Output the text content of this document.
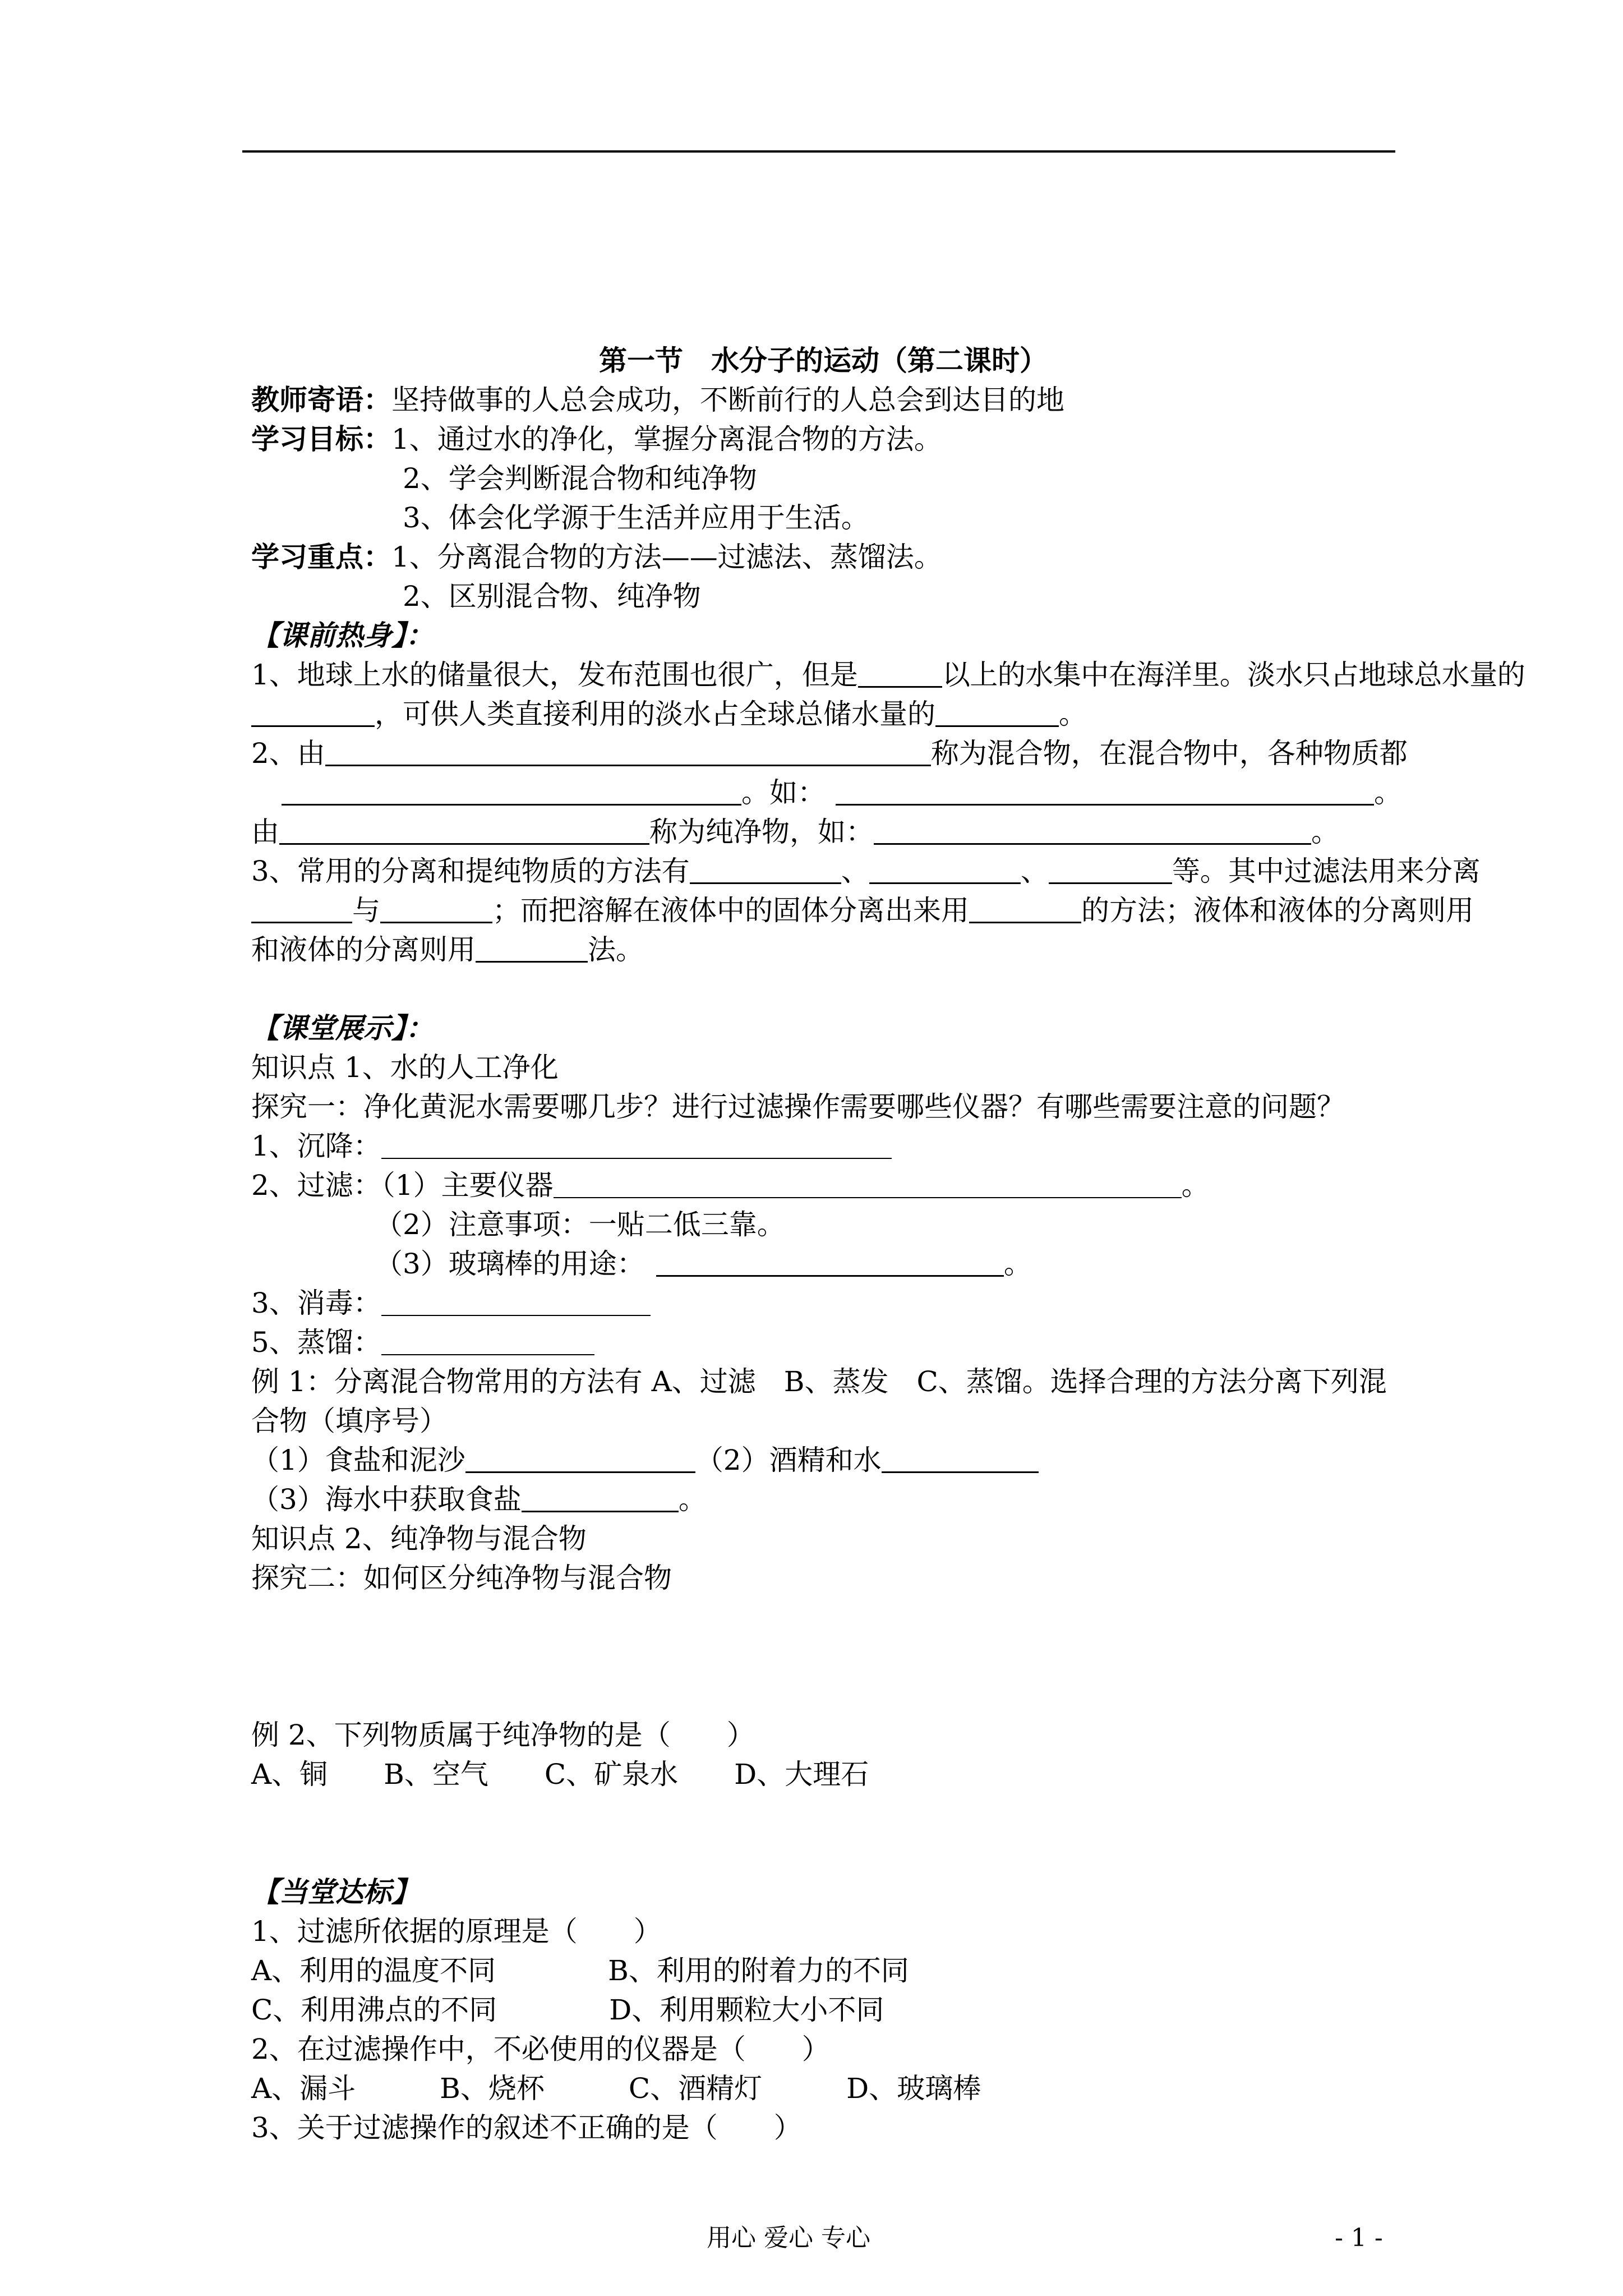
第一节　水分子的运动（第二课时）
教师寄语：坚持做事的人总会成功，不断前行的人总会到达目的地
学习目标：1、通过水的净化，掌握分离混合物的方法。
2、学会判断混合物和纯净物
3、体会化学源于生活并应用于生活。
学习重点：1、分离混合物的方法——过滤法、蒸馏法。
2、区别混合物、纯净物
【课前热身】：
1、地球上水的储量很大，发布范围也很广，但是	以上的水集中在海洋里。淡水只占地球总水量的
，可供人类直接利用的淡水占全球总储水量的	。
2、由	称为混合物，在混合物中，各种物质都
。如：	。
由	称为纯净物，如：	。
3、常用的分离和提纯物质的方法有	、	、	等。其中过滤法用来分离
与	；而把溶解在液体中的固体分离出来用	的方法；液体和液体的分离则用
和液体的分离则用	法。
【课堂展示】：
知识点 1、水的人工净化
探究一：净化黄泥水需要哪几步？进行过滤操作需要哪些仪器？有哪些需要注意的问题？
1、沉降：
2、过滤：（1）主要仪器	。
（2）注意事项：一贴二低三靠。
（3）玻璃棒的用途：	。
3、消毒：
5、蒸馏：
例 1：分离混合物常用的方法有 A、过滤　B、蒸发　C、蒸馏。选择合理的方法分离下列混合物（填序号）
（1）食盐和泥沙	（2）酒精和水
（3）海水中获取食盐	。
知识点 2、纯净物与混合物
探究二：如何区分纯净物与混合物
例 2、下列物质属于纯净物的是（　　）
A、铜　　B、空气　　C、矿泉水　　D、大理石
【当堂达标】
1、过滤所依据的原理是（　　）
A、利用的温度不同　　　　B、利用的附着力的不同
C、利用沸点的不同　　　　D、利用颗粒大小不同
2、在过滤操作中，不必使用的仪器是（　　）
A、漏斗　　　B、烧杯　　　C、酒精灯　　　D、玻璃棒
3、关于过滤操作的叙述不正确的是（　　）
用心 爱心 专心	- 1 -
